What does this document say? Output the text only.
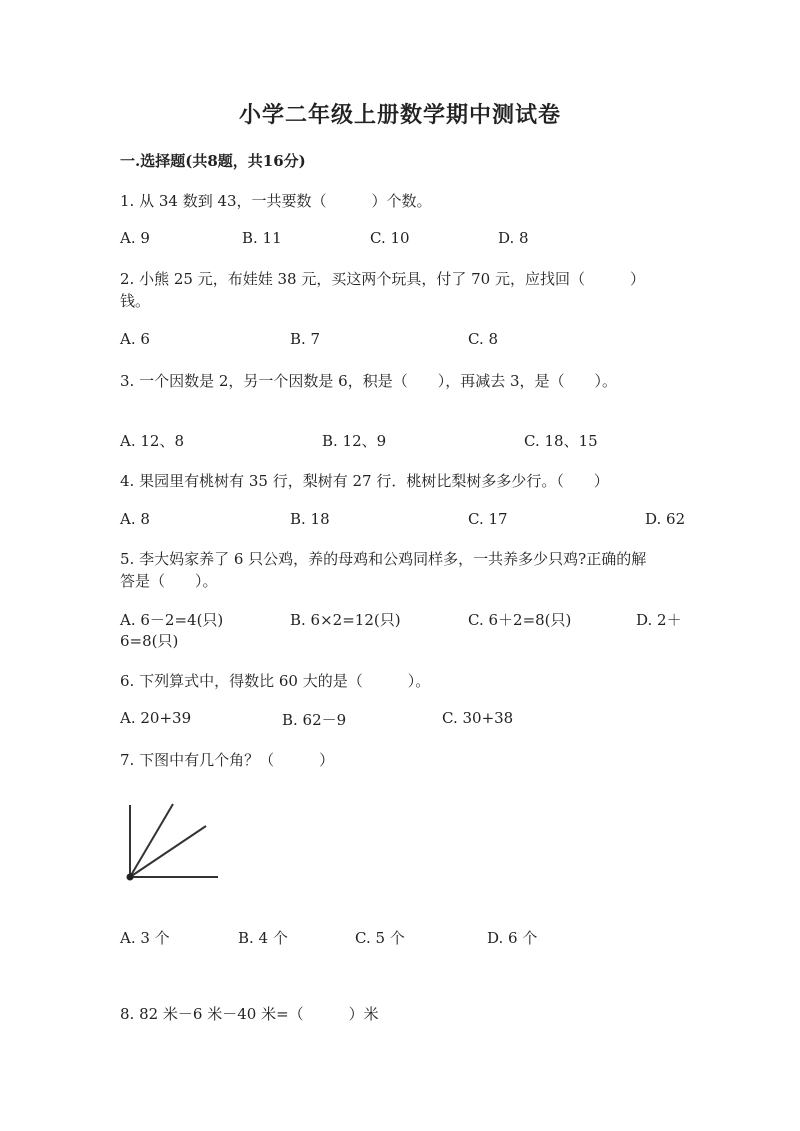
小学二年级上册数学期中测试卷
一.选择题(共8题，共16分)
1. 从 34 数到 43，一共要数（　　　）个数。
A. 9	B. 11	C. 10	D. 8
2. 小熊 25 元，布娃娃 38 元，买这两个玩具，付了 70 元，应找回（　　　）
钱。
A. 6	B. 7	C. 8
3. 一个因数是 2，另一个因数是 6，积是（　　），再减去 3，是（　　）。
A. 12、8	B. 12、9	C. 18、15
4. 果园里有桃树有 35 行，梨树有 27 行．桃树比梨树多多少行。（　　）
A. 8	B. 18	C. 17	D. 62
5. 李大妈家养了 6 只公鸡，养的母鸡和公鸡同样多，一共养多少只鸡?正确的解
答是（　　）。
A. 6－2=4(只)	B. 6×2=12(只)	C. 6＋2=8(只)	D. 2＋
6=8(只)
6. 下列算式中，得数比 60 大的是（　　　）。
A. 20+39	B. 62－9	C. 30+38
7. 下图中有几个角？（　　　）
A. 3 个	B. 4 个	C. 5 个	D. 6 个
8. 82 米－6 米－40 米=（　　　）米
